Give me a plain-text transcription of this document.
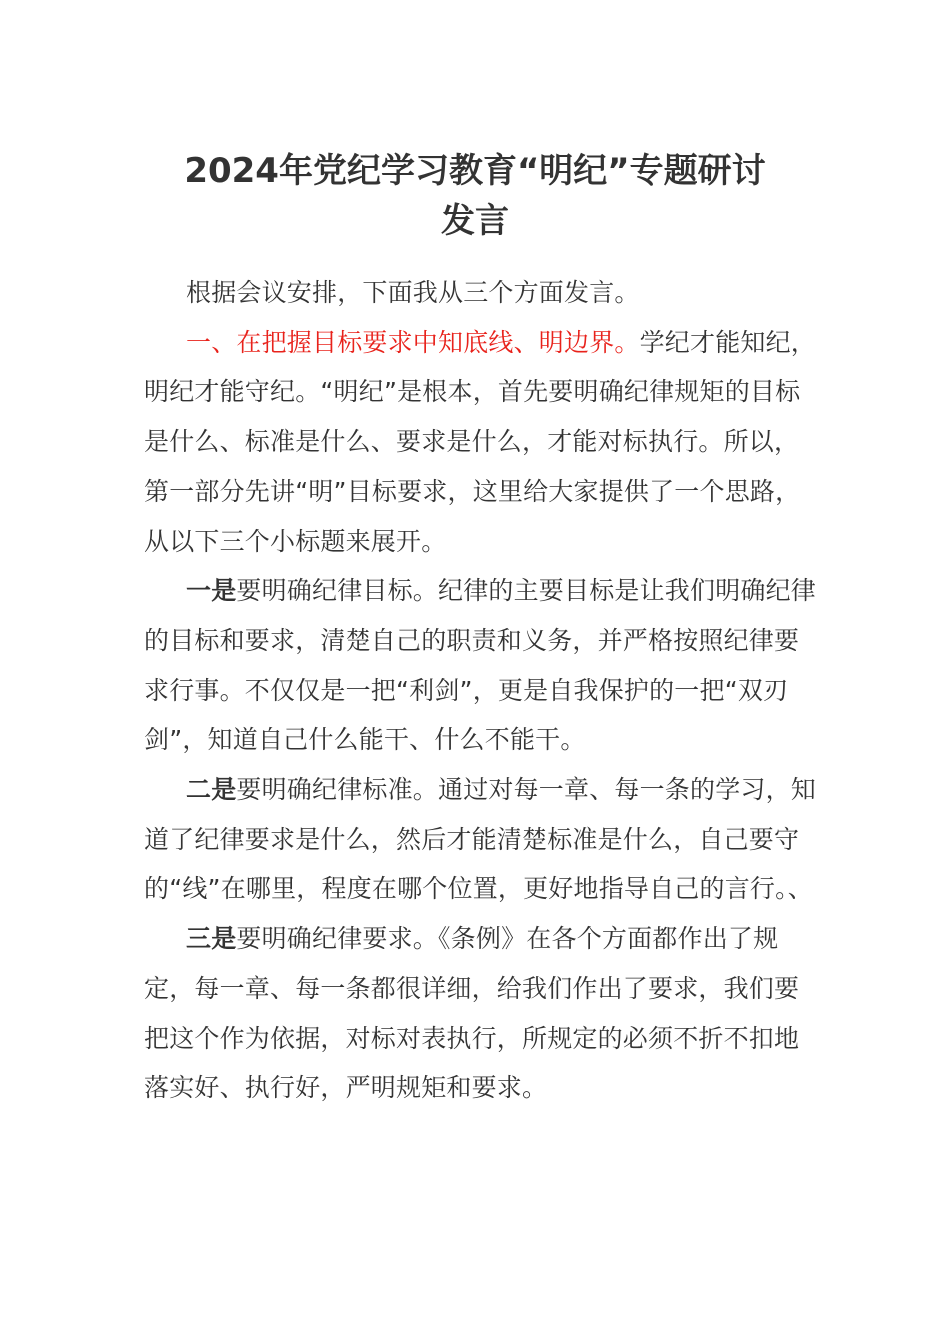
2024年党纪学习教育“明纪”专题研讨
发言

根据会议安排，下面我从三个方面发言。

一、在把握目标要求中知底线、明边界。学纪才能知纪，明纪才能守纪。“明纪”是根本，首先要明确纪律规矩的目标是什么、标准是什么、要求是什么，才能对标执行。所以，第一部分先讲“明”目标要求，这里给大家提供了一个思路，从以下三个小标题来展开。

一是要明确纪律目标。纪律的主要目标是让我们明确纪律的目标和要求，清楚自己的职责和义务，并严格按照纪律要求行事。不仅仅是一把“利剑”，更是自我保护的一把“双刃剑”，知道自己什么能干、什么不能干。

二是要明确纪律标准。通过对每一章、每一条的学习，知道了纪律要求是什么，然后才能清楚标准是什么，自己要守的“线”在哪里，程度在哪个位置，更好地指导自己的言行。、

三是要明确纪律要求。《条例》在各个方面都作出了规定，每一章、每一条都很详细，给我们作出了要求，我们要把这个作为依据，对标对表执行，所规定的必须不折不扣地落实好、执行好，严明规矩和要求。
